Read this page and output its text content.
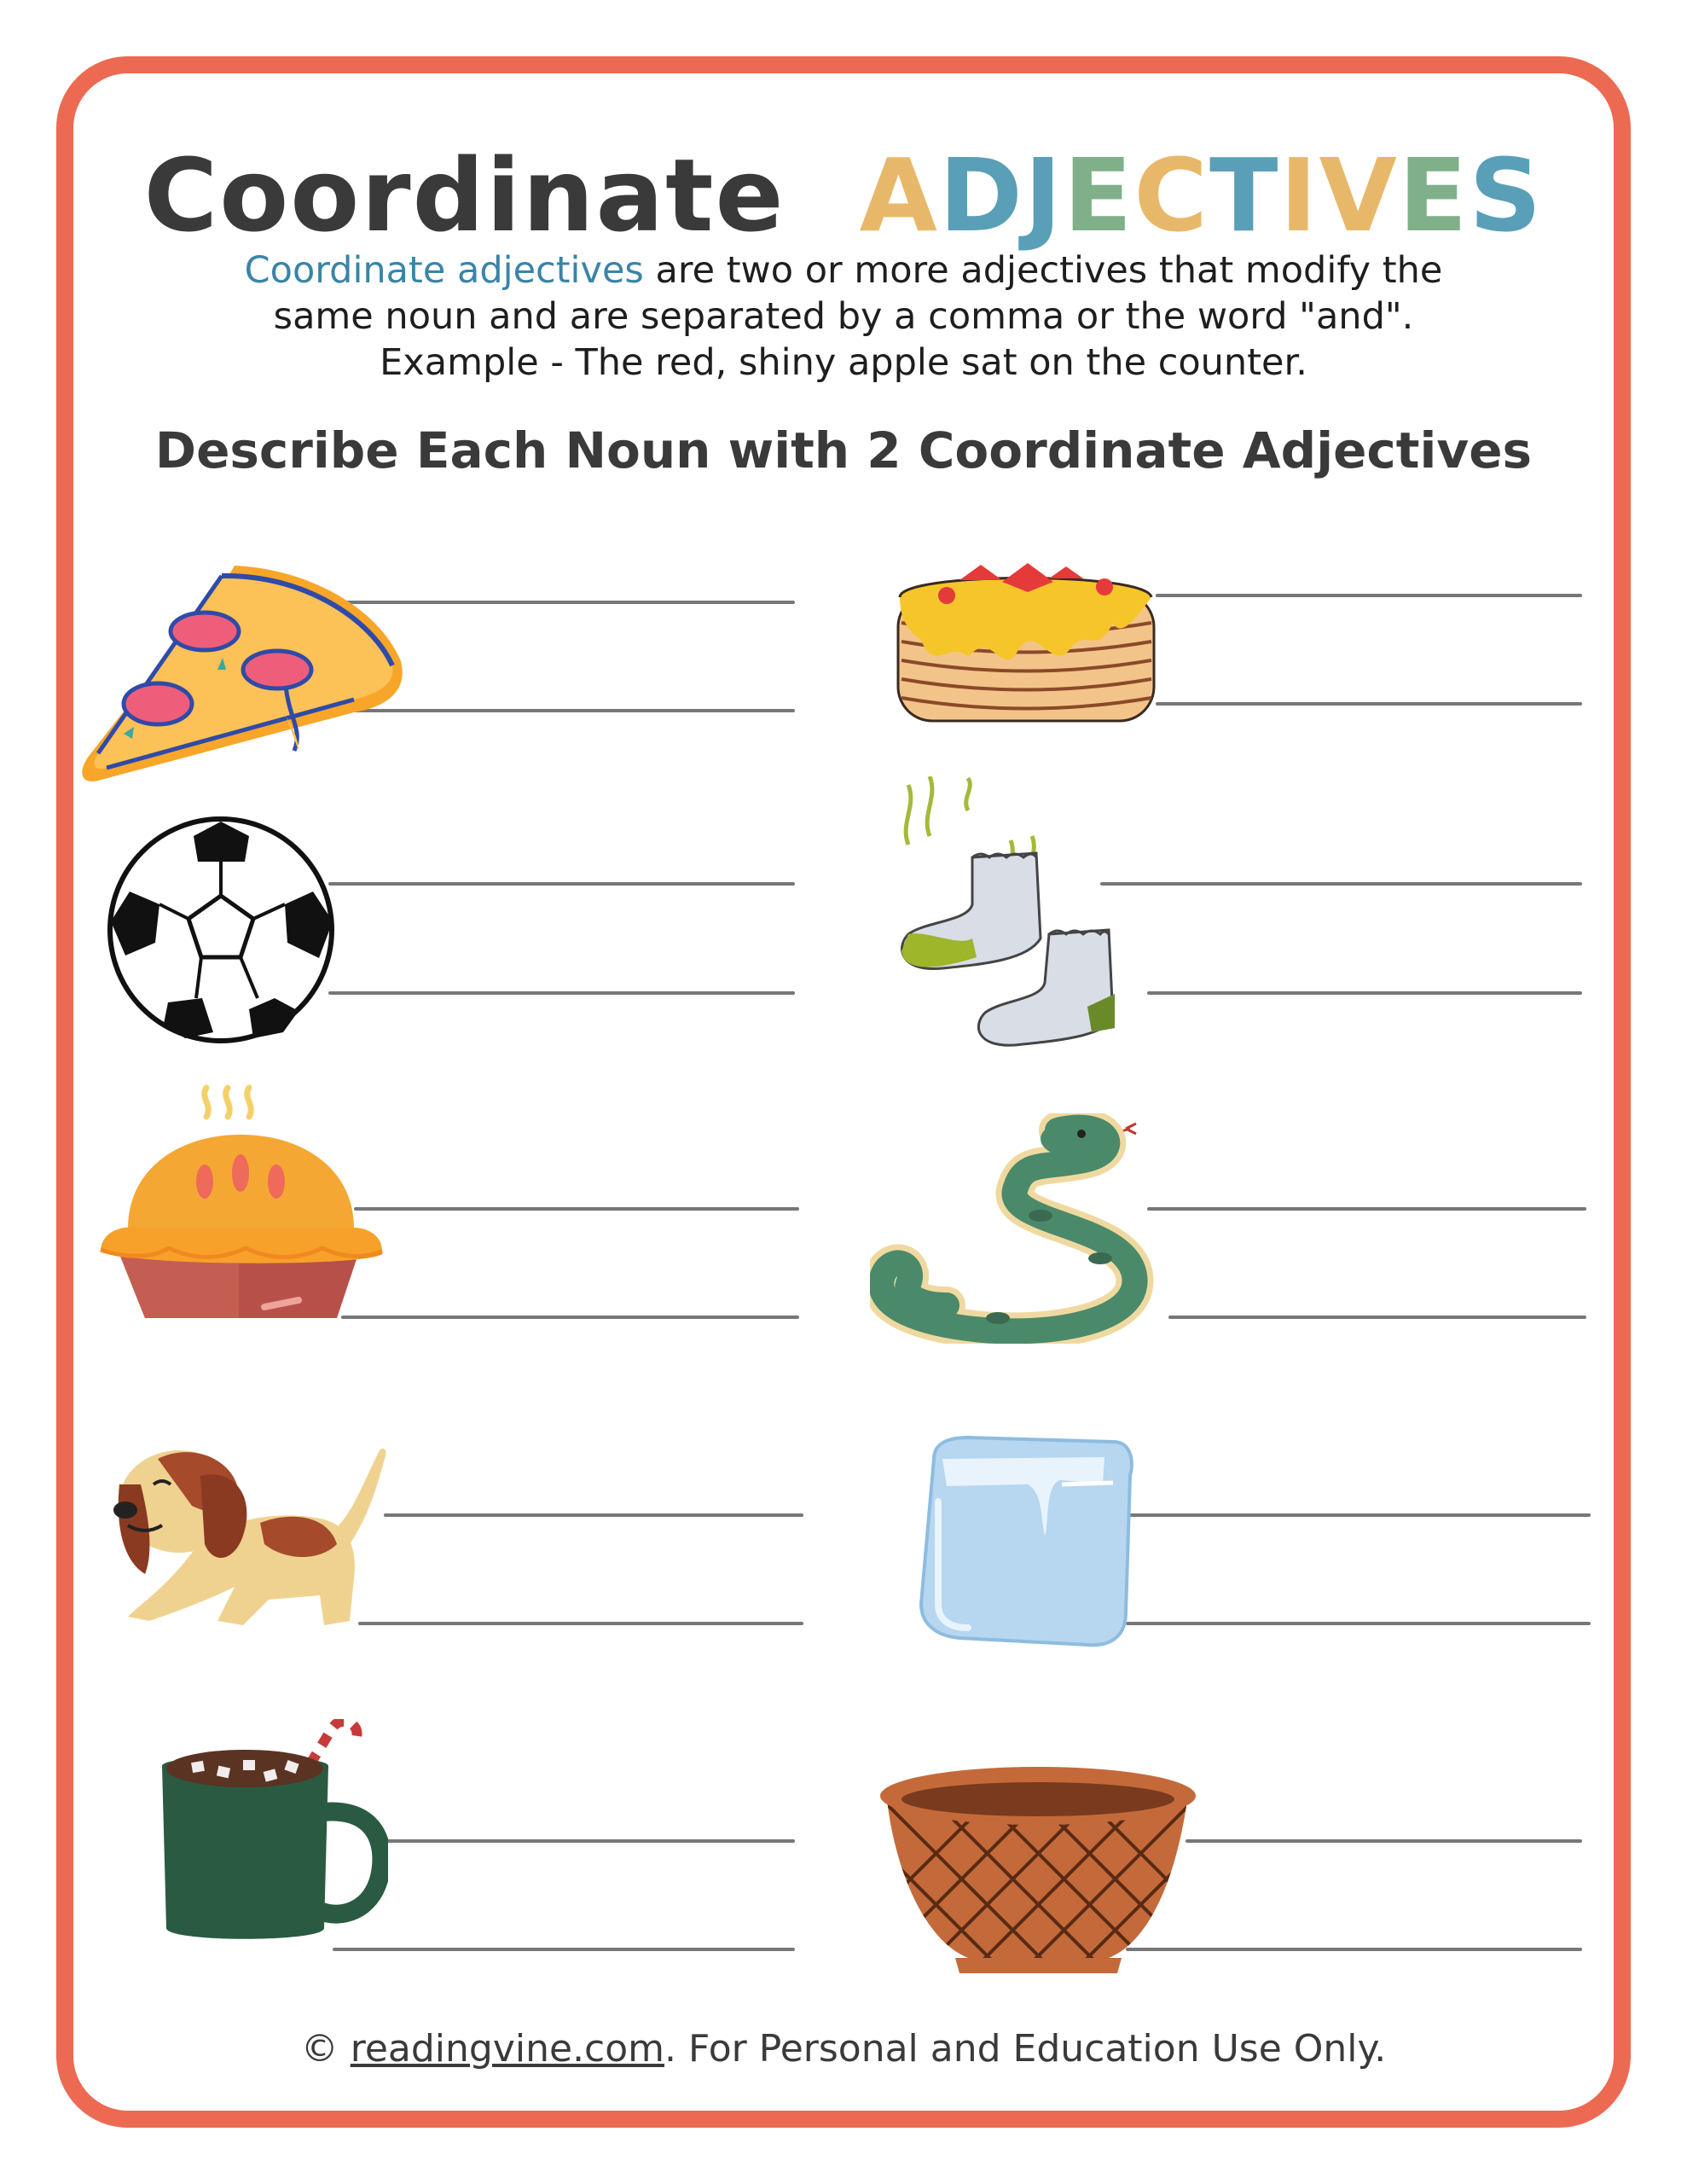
Coordinate ADJECTIVES

Coordinate adjectives are two or more adjectives that modify the same noun and are separated by a comma or the word "and".

Example - The red, shiny apple sat on the counter.

Describe Each Noun with 2 Coordinate Adjectives
© readingvine.com. For Personal and Education Use Only.
